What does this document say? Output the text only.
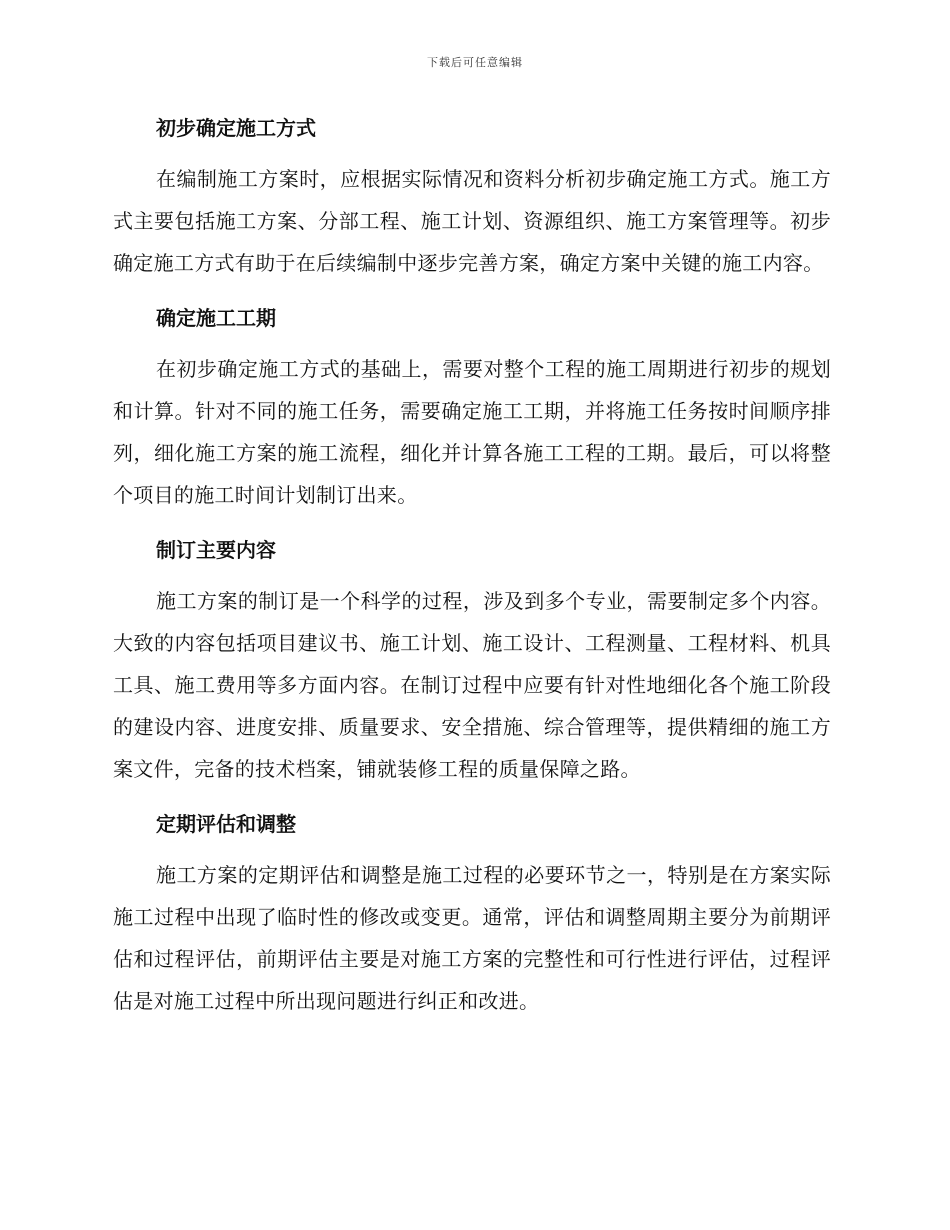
下载后可任意编辑
初步确定施工方式

在编制施工方案时，应根据实际情况和资料分析初步确定施工方式。施工方式主要包括施工方案、分部工程、施工计划、资源组织、施工方案管理等。初步确定施工方式有助于在后续编制中逐步完善方案，确定方案中关键的施工内容。

确定施工工期

在初步确定施工方式的基础上，需要对整个工程的施工周期进行初步的规划和计算。针对不同的施工任务，需要确定施工工期，并将施工任务按时间顺序排列，细化施工方案的施工流程，细化并计算各施工工程的工期。最后，可以将整个项目的施工时间计划制订出来。

制订主要内容

施工方案的制订是一个科学的过程，涉及到多个专业，需要制定多个内容。大致的内容包括项目建议书、施工计划、施工设计、工程测量、工程材料、机具工具、施工费用等多方面内容。在制订过程中应要有针对性地细化各个施工阶段的建设内容、进度安排、质量要求、安全措施、综合管理等，提供精细的施工方案文件，完备的技术档案，铺就装修工程的质量保障之路。

定期评估和调整

施工方案的定期评估和调整是施工过程的必要环节之一，特别是在方案实际施工过程中出现了临时性的修改或变更。通常，评估和调整周期主要分为前期评估和过程评估，前期评估主要是对施工方案的完整性和可行性进行评估，过程评估是对施工过程中所出现问题进行纠正和改进。
